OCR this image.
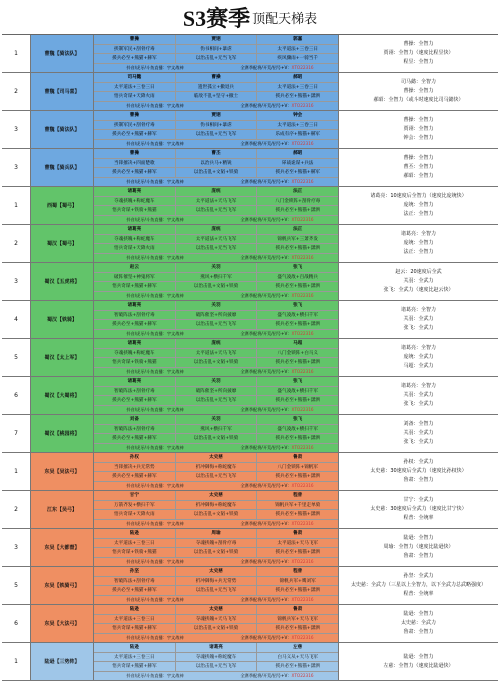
S3赛季 顶配天梯表
1	曹魏【骑法队】
曹操	贾诩	郭嘉
挟制军民+刮骨疗毒	伪书相间+暴虐	太平道法+三卷三日
援兵必至+熊猫+赫军	以治击乱+无当飞军	疾风骤雨+一骑当千
抖音/虎牙/斗鱼直播：宇文战神	全赛季配将/开荒/招号+V： XTO22316
曹操：全智力
贾诩：全智力（速度比程昱快）
程昱：全智力
2	曹魏【司马喜】
司马懿	曹操	郝昭
太平道法+三卷三日	遗世孤立+撤退兵	太平道法+三卷三日
悟兵奇谋+天降火雨	临敌不乱+坚守+撤士	援兵必至+熊猫+潇洒
抖音/虎牙/斗鱼直播：宇文战神	全赛季配将/开荒/招号+V： XTO22316
司马懿：全智力
曹操：全智力
郝昭：全智力（或斗时速度比司马懿快）
3	曹魏【骑法队】
曹操	贾诩	钟会
挟制军民+刮骨疗毒	伪书相间+暴虐	太平道法+三卷三日
援兵必至+熊猫+赫军	以治击乱+无当飞军	乐成有序+熊猫+赫军
抖音/虎牙/斗鱼直播：宇文战神	全赛季配将/开荒/招号+V： XTO22316
曹操：全智力
贾诩：全智力
钟会：全智力
3	曹魏【骑兵队】
曹操	曹丕	郝昭
当锋摧决+四面楚歌	以治兵马+精锐	犀战诡谋+兵法
援兵必至+熊猫+赫军	以治击乱+文韬+铁骑	援兵必至+熊猫+赫军
抖音/虎牙/斗鱼直播：宇文战神	全赛季配将/开荒/招号+V： XTO22316
曹操：全智力
曹丕：全智力
郝昭：全智力
1	西蜀【蜀弓】
诸葛亮	庞统	法正
夺魂挟魄+称蛇魔车	太平道法+天马飞军	八门金锁阵+刮骨疗毒
悟兵奇谋+铁骑+熊猫	以治击乱+无当飞军	援兵必至+熊猫+潇洒
抖音/虎牙/斗鱼直播：宇文战神	全赛季配将/开荒/招号+V： XTO22316
诸葛亮：10速度后全智力（速度比庞统快）
庞统：全智力
法正：全智力
2	蜀汉【蜀弓】
诸葛亮	庞统	法正
夺魂挟魄+称蛇魔车	太平道法+天马飞军	锦帆兵军+三萧齐发
悟兵奇谋+天降火雨	以治击乱+无当飞军	援兵必至+熊猫+潇洒
抖音/虎牙/斗鱼直播：宇文战神	全赛季配将/开荒/招号+V： XTO22316
诸葛亮：全智力
庞统：全智力
法正：全智力
3	蜀汉【五虎将】
赵云	关羽	张飞
破阵催坚+神鬼将军	燕风+横扫千军	盛气凌敌+百战精兵
悟兵奇谋+熊猫+赫军	以治击乱+文韬+铁骑	援兵必至+熊猫+潇洒
抖音/虎牙/斗鱼直播：宇文战神	全赛季配将/开荒/招号+V： XTO22316
赵云：20速度后全武
关羽：全武力
张飞：全武力（速度比赵云快）
4	蜀汉【铁骑】
诸葛亮	关羽	张飞
智破阵法+刮骨疗毒	破阵催坚+所向披靡	盛气凌敌+横扫千军
援兵必至+熊猫+赫军	以治击乱+无当飞军	援兵必至+熊猫+潇洒
抖音/虎牙/斗鱼直播：宇文战神	全赛季配将/开荒/招号+V： XTO22316
诸葛亮：全智力
关羽：全武力
张飞：全武力
5	蜀汉【太上军】
诸葛亮	庞统	马超
夺魂挟魄+称蛇魔车	太平道法+天马飞军	八门金锁阵+白马义
悟兵奇谋+铁骑+熊猫	以治击乱+文韬+铁骑	援兵必至+熊猫+潇洒
抖音/虎牙/斗鱼直播：宇文战神	全赛季配将/开荒/招号+V： XTO22316
诸葛亮：全智力
庞统：全武力
马超：全武力
6	蜀汉【大蜀将】
诸葛亮	关羽	张飞
智破阵法+刮骨疗毒	破阵催坚+所向披靡	盛气凌敌+横扫千军
援兵必至+熊猫+赫军	以治击乱+无当飞军	援兵必至+熊猫+潇洒
抖音/虎牙/斗鱼直播：宇文战神	全赛季配将/开荒/招号+V： XTO22316
诸葛亮：全智力
关羽：全武力
张飞：全武力
7	蜀汉【桃园将】
刘备	关羽	张飞
智破阵法+刮骨疗毒	燕风+横扫千军	盛气凌敌+横扫千军
援兵必至+熊猫+赫军	以治击乱+文韬+铁骑	援兵必至+熊猫+潇洒
抖音/虎牙/斗鱼直播：宇文战神	全赛季配将/开荒/招号+V： XTO22316
刘备：全智力
关羽：全武力
张飞：全武力
1	东吴【吴法弓】
孙权	太史慈	鲁肃
当锋摧决+兵无常势	折冲御侮+称蛇魔车	八门金锁阵+锦帆军
援兵必至+熊猫+赫军	以治击乱+无当飞军	援兵必至+熊猫+潇洒
抖音/虎牙/斗鱼直播：宇文战神	全赛季配将/开荒/招号+V： XTO22316
孙权：全武力
太史慈：30速度后全武力（速度比孙权快）
鲁肃：全智力
2	江东【吴弓】
甘宁	太史慈	程普
万箭齐发+横扫千军	折冲御侮+称蛇魔车	锦帆兵军+千里走单骑
悟兵奇谋+天降火雨	以治击乱+文韬+铁骑	援兵必至+熊猫+潇洒
抖音/虎牙/斗鱼直播：宇文战神	全赛季配将/开荒/招号+V： XTO22316
甘宁：全武力
太史慈：30速度后全武力（速度比甘宁快）
程普：全统率
3	东吴【大都督】
陆逊	周瑜	鲁肃
太平道法+三卷三日	夺魂挟魄+刮骨疗毒	太平道法+天马飞军
悟兵奇谋+铁骑+熊猫	以治击乱+文韬+铁骑	援兵必至+熊猫+潇洒
抖音/虎牙/斗鱼直播：宇文战神	全赛季配将/开荒/招号+V： XTO22316
陆逊：全智力
周瑜：全智力（速度比陆逊快）
鲁肃：全智力
5	东吴【铁骑弓】
孙坚	太史慈	程普
智破阵法+刮骨疗毒	折冲御侮+兵无常势	锦帆兵军+鹰刘军
援兵必至+熊猫+赫军	以治击乱+无当飞军	援兵必至+熊猫+潇洒
抖音/虎牙/斗鱼直播：宇文战神	全赛季配将/开荒/招号+V： XTO22316
孙坚：全武力
太史慈：全武力（三星以上全智力，以下全武力总武略强度）
程普：全统率
6	东吴【大法弓】
陆逊	太史慈	鲁肃
太平道法+三卷三日	夺魂挟魄+天马飞军	锦帆兵军+天马飞军
悟兵奇谋+熊猫+赫军	以治击乱+文韬+铁骑	援兵必至+熊猫+潇洒
抖音/虎牙/斗鱼直播：宇文战神	全赛季配将/开荒/招号+V： XTO22316
陆逊：全智力
太史慈：全武力
鲁肃：全智力
1	陆逊【三势阵】
陆逊	诸葛亮	左慈
太平道法+三卷三日	夺魂挟魄+称蛇魔车	白马义从+天马飞军
悟兵奇谋+熊猫+赫军	以治击乱+无当飞军	援兵必至+熊猫+潇洒
抖音/虎牙/斗鱼直播：宇文战神	全赛季配将/开荒/招号+V： XTO22316
陆逊：全智力
左慈：全智力（速度比陆逊快）
